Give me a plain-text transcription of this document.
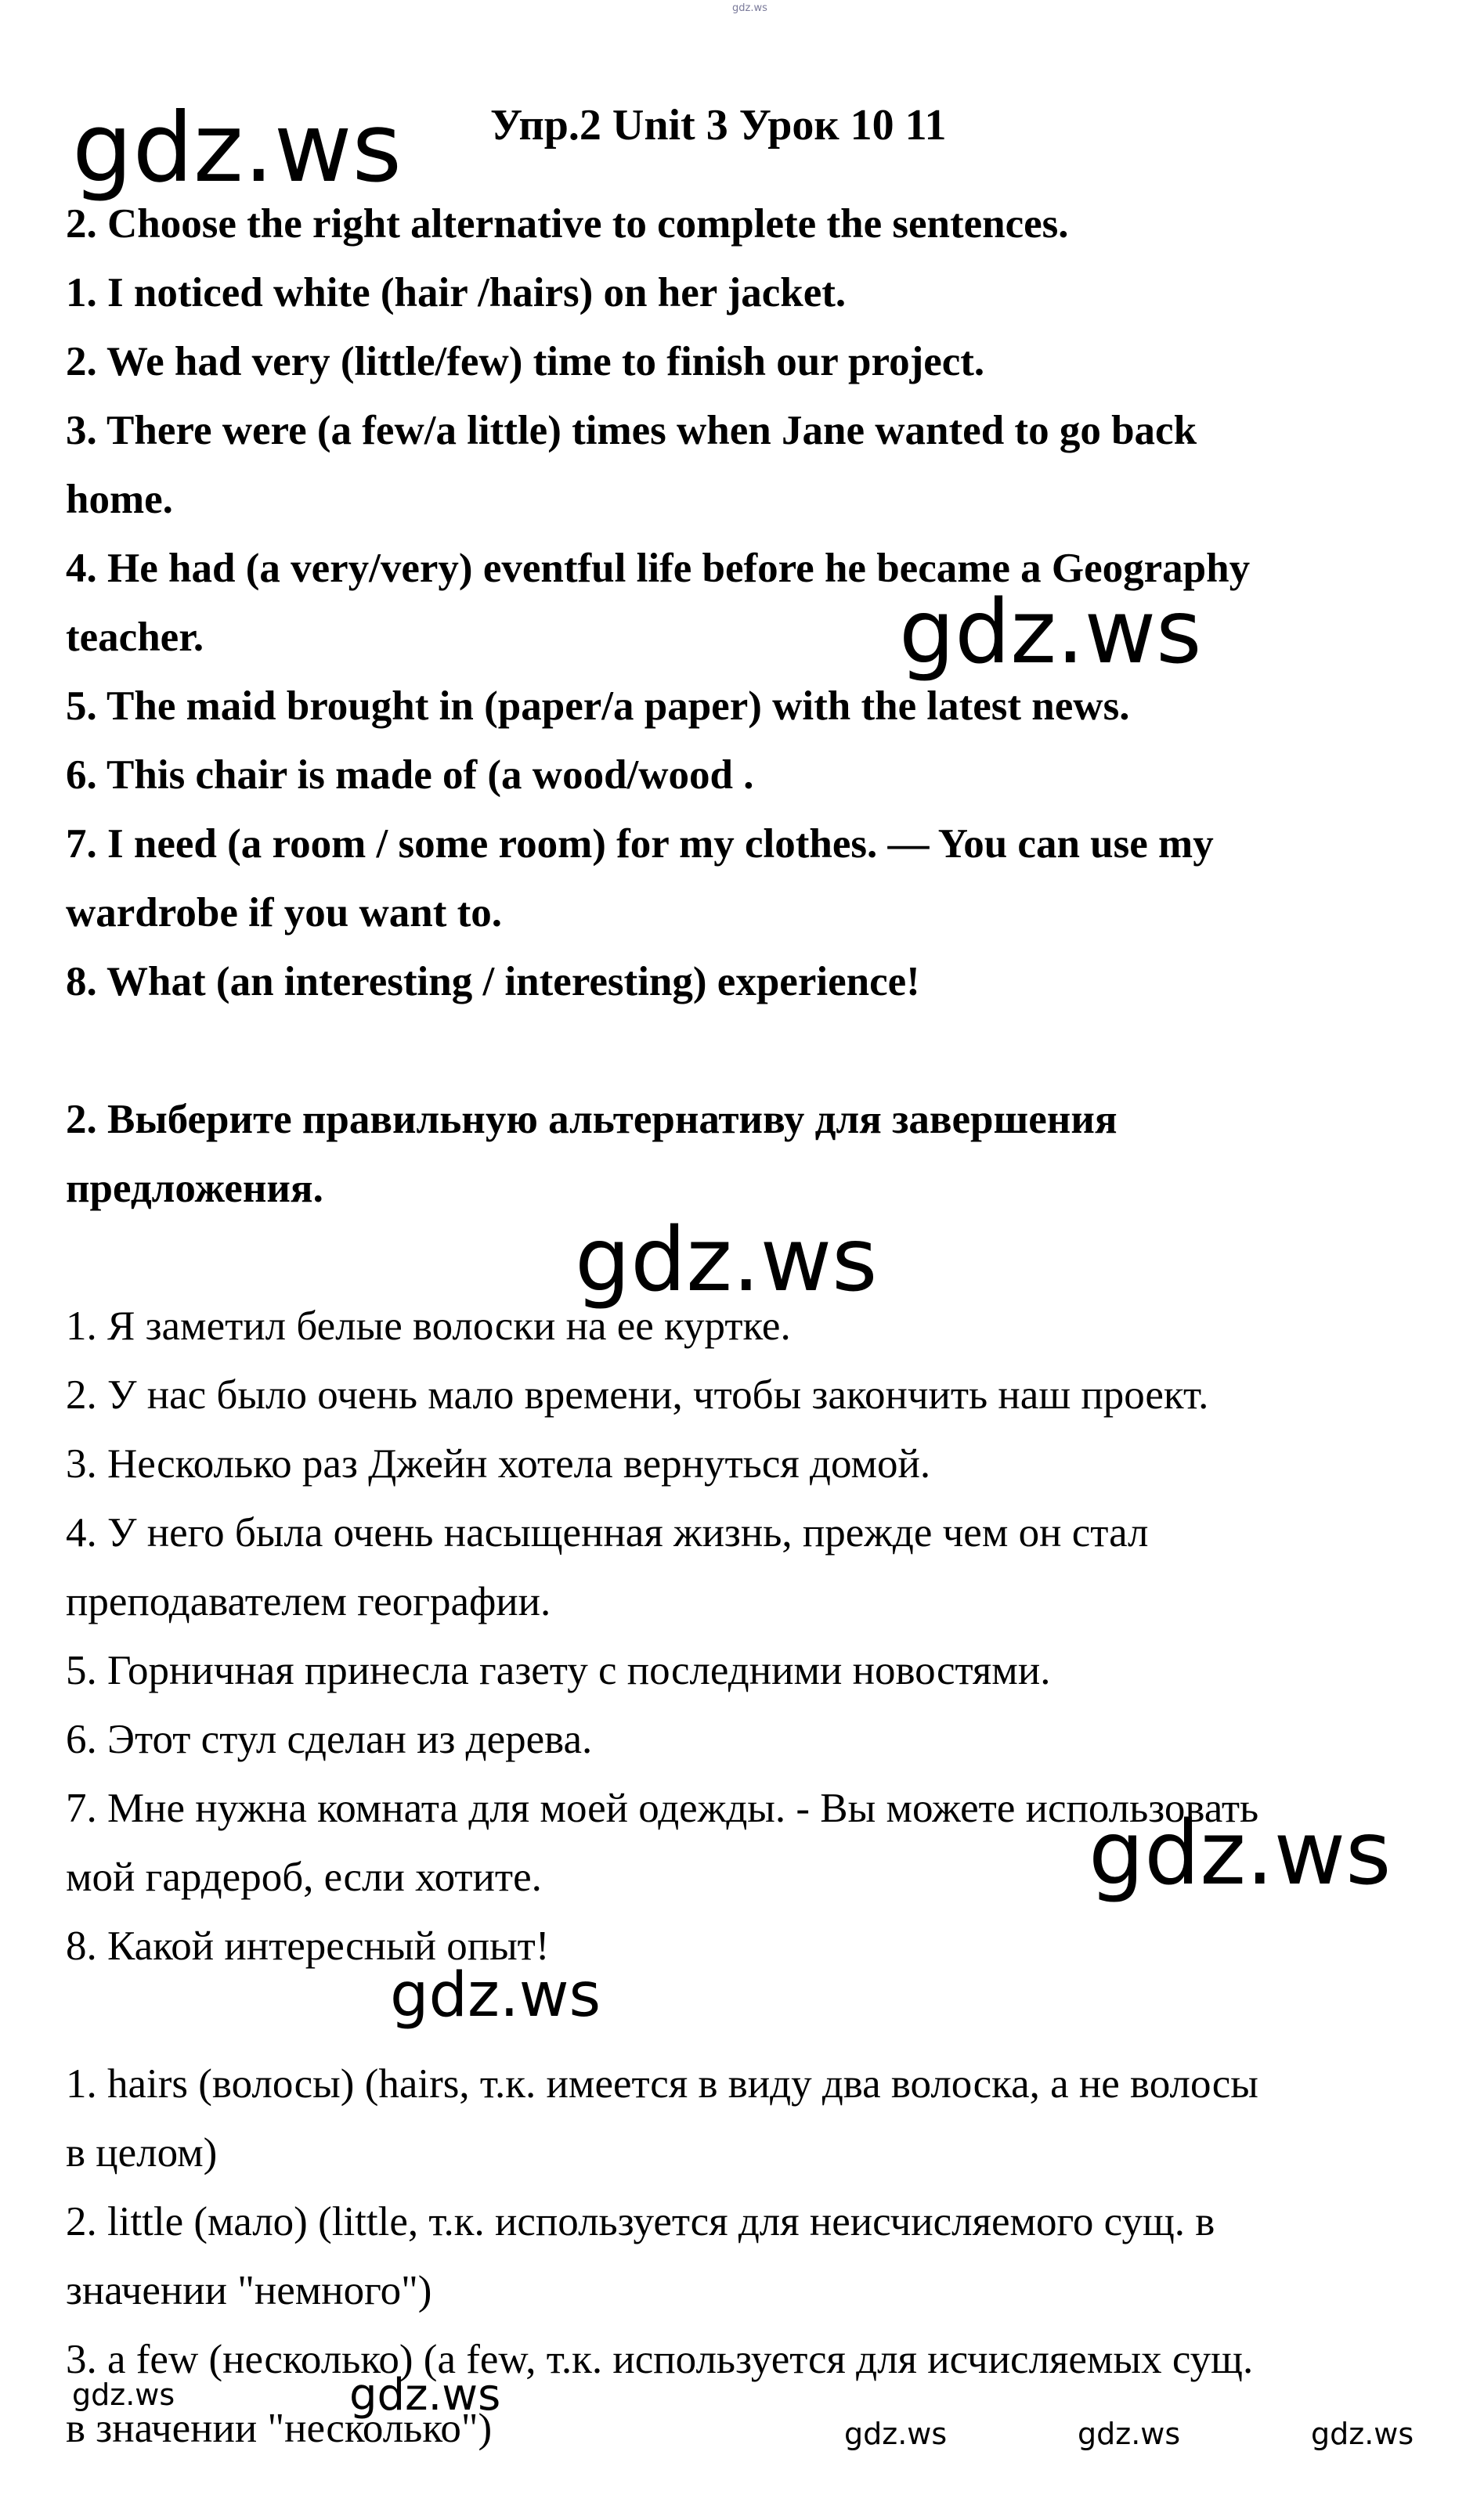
gdz.ws
gdz.ws
gdz.ws
gdz.ws
gdz.ws
gdz.ws
gdz.ws
gdz.ws
gdz.ws	gdz.ws	gdz.ws
Упр.2 Unit 3 Урок 10 11
2. Choose the right alternative to complete the sentences.
1. I noticed white (hair /hairs) on her jacket.
2. We had very (little/few) time to finish our project.
3. There were (a few/a little) times when Jane wanted to go back
home.
4. He had (a very/very) eventful life before he became a Geography
teacher.
5. The maid brought in (paper/a paper) with the latest news.
6. This chair is made of (a wood/wood .
7. I need (a room / some room) for my clothes. — You can use my
wardrobe if you want to.
8. What (an interesting / interesting) experience!
2. Выберите правильную альтернативу для завершения
предложения.
1. Я заметил белые волоски на ее куртке.
2. У нас было очень мало времени, чтобы закончить наш проект.
3. Несколько раз Джейн хотела вернуться домой.
4. У него была очень насыщенная жизнь, прежде чем он стал
преподавателем географии.
5. Горничная принесла газету с последними новостями.
6. Этот стул сделан из дерева.
7. Мне нужна комната для моей одежды. - Вы можете использовать
мой гардероб, если хотите.
8. Какой интересный опыт!
1. hairs (волосы) (hairs, т.к. имеется в виду два волоска, а не волосы
в целом)
2. little (мало) (little, т.к. используется для неисчисляемого сущ. в
значении "немного")
3. a few (несколько) (a few, т.к. используется для исчисляемых сущ.
в значении "несколько")
